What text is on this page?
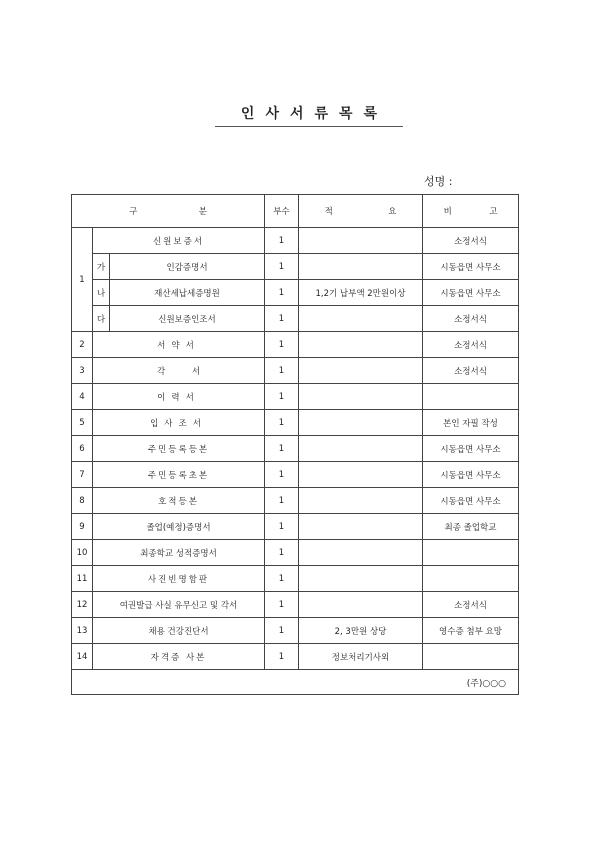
인사서류목록
성명 :
구 분			부수	적 요	비 고
1	신원보증서		1		소정서식
	가	인감증명서	1		시동읍면 사무소
	나	재산세납세증명원	1	1,2기 납부액 2만원이상	시동읍면 사무소
	다	신원보증인조서	1		소정서식
2	서약서		1		소정서식
3	각 서		1		소정서식
4	이력서		1		
5	입사조서		1		본인 자필 작성
6	주민등록등본		1		시동읍면 사무소
7	주민등록초본		1		시동읍면 사무소
8	호적등본		1		시동읍면 사무소
9	졸업(예정)증명서		1		최종 졸업학교
10	최종학교 성적증명서		1		
11	사진빈명함판		1		
12	여권발급 사실 유무신고 및 각서		1		소정서식
13	채용 건강진단서		1	2, 3만원 상당	영수증 첨부 요망
14	자격증 사본		1	정보처리기사외	
(주)○○○					
